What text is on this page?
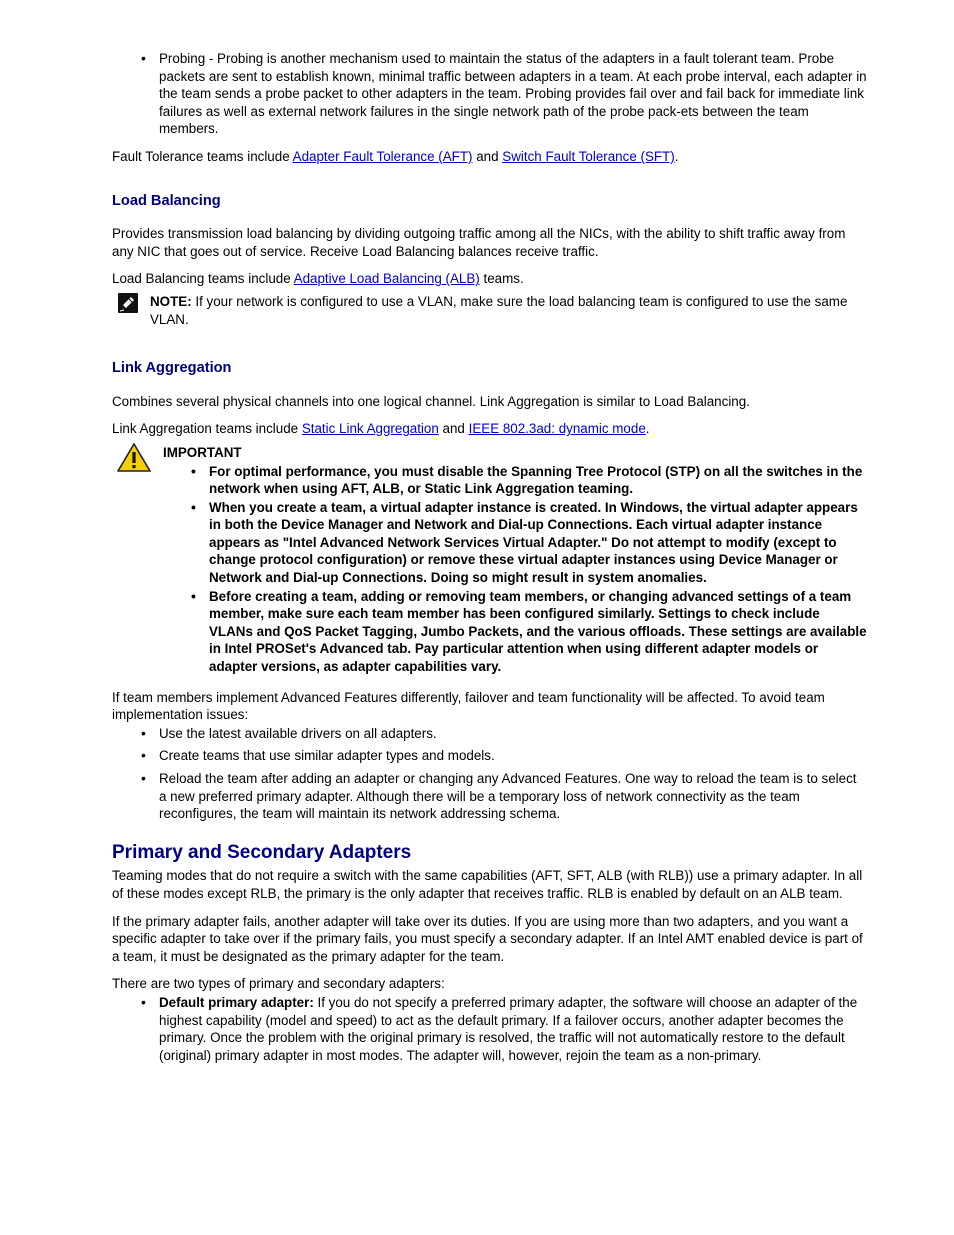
• Probing - Probing is another mechanism used to maintain the status of the adapters in a fault tolerant team. Probe packets are sent to establish known, minimal traffic between adapters in a team. At each probe interval, each adapter in the team sends a probe packet to other adapters in the team. Probing provides fail over and fail back for immediate link failures as well as external network failures in the single network path of the probe pack-ets between the team members.

Fault Tolerance teams include Adapter Fault Tolerance (AFT) and Switch Fault Tolerance (SFT).

Load Balancing

Provides transmission load balancing by dividing outgoing traffic among all the NICs, with the ability to shift traffic away from any NIC that goes out of service. Receive Load Balancing balances receive traffic.

Load Balancing teams include Adaptive Load Balancing (ALB) teams.

NOTE: If your network is configured to use a VLAN, make sure the load balancing team is configured to use the same VLAN.
Link Aggregation

Combines several physical channels into one logical channel. Link Aggregation is similar to Load Balancing.

Link Aggregation teams include Static Link Aggregation and IEEE 802.3ad: dynamic mode.

IMPORTANT
• For optimal performance, you must disable the Spanning Tree Protocol (STP) on all the switches in the network when using AFT, ALB, or Static Link Aggregation teaming.
• When you create a team, a virtual adapter instance is created. In Windows, the virtual adapter appears in both the Device Manager and Network and Dial-up Connections. Each virtual adapter instance appears as "Intel Advanced Network Services Virtual Adapter." Do not attempt to modify (except to change protocol configuration) or remove these virtual adapter instances using Device Manager or Network and Dial-up Connections. Doing so might result in system anomalies.
• Before creating a team, adding or removing team members, or changing advanced settings of a team member, make sure each team member has been configured similarly. Settings to check include VLANs and QoS Packet Tagging, Jumbo Packets, and the various offloads. These settings are available in Intel PROSet's Advanced tab. Pay particular attention when using different adapter models or adapter versions, as adapter capabilities vary.

If team members implement Advanced Features differently, failover and team functionality will be affected. To avoid team implementation issues:

• Use the latest available drivers on all adapters.
• Create teams that use similar adapter types and models.
• Reload the team after adding an adapter or changing any Advanced Features. One way to reload the team is to select a new preferred primary adapter. Although there will be a temporary loss of network connectivity as the team reconfigures, the team will maintain its network addressing schema.
Primary and Secondary Adapters

Teaming modes that do not require a switch with the same capabilities (AFT, SFT, ALB (with RLB)) use a primary adapter. In all of these modes except RLB, the primary is the only adapter that receives traffic. RLB is enabled by default on an ALB team.

If the primary adapter fails, another adapter will take over its duties. If you are using more than two adapters, and you want a specific adapter to take over if the primary fails, you must specify a secondary adapter. If an Intel AMT enabled device is part of a team, it must be designated as the primary adapter for the team.

There are two types of primary and secondary adapters:

• Default primary adapter: If you do not specify a preferred primary adapter, the software will choose an adapter of the highest capability (model and speed) to act as the default primary. If a failover occurs, another adapter becomes the primary. Once the problem with the original primary is resolved, the traffic will not automatically restore to the default (original) primary adapter in most modes. The adapter will, however, rejoin the team as a non-primary.
